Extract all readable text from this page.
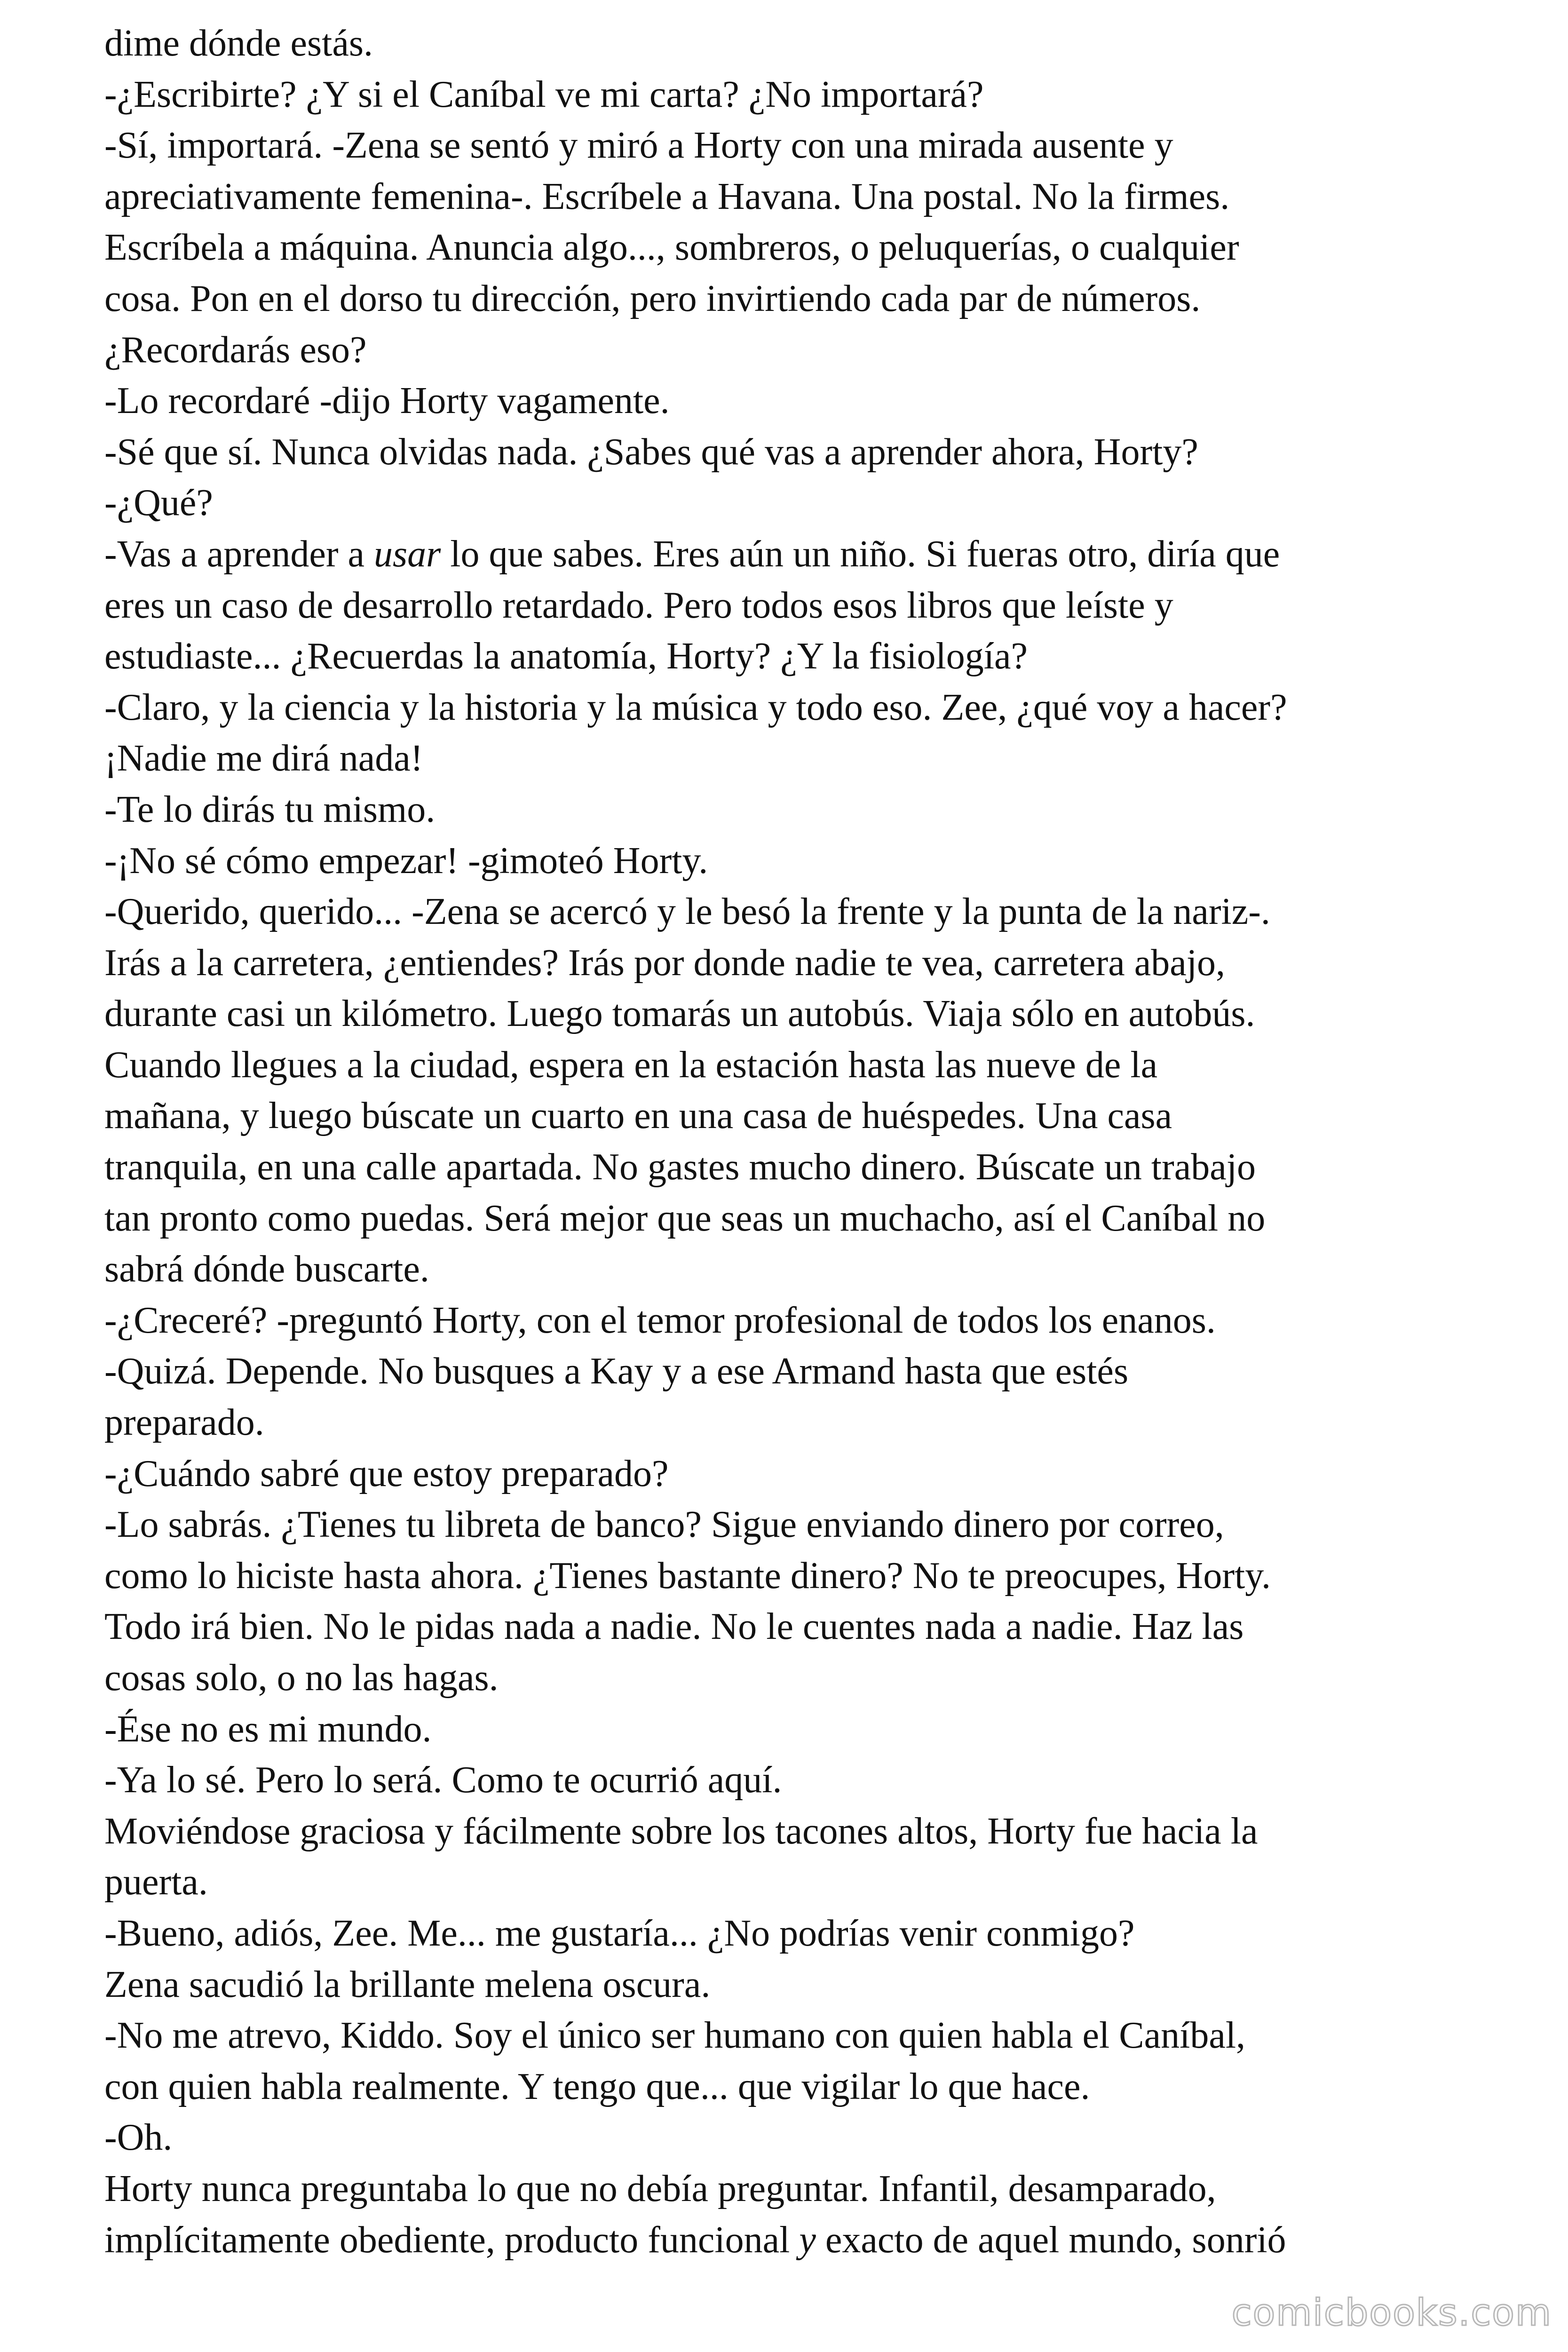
dime dónde estás.
-¿Escribirte? ¿Y si el Caníbal ve mi carta? ¿No importará?
-Sí, importará. -Zena se sentó y miró a Horty con una mirada ausente y
apreciativamente femenina-. Escríbele a Havana. Una postal. No la firmes.
Escríbela a máquina. Anuncia algo..., sombreros, o peluquerías, o cualquier
cosa. Pon en el dorso tu dirección, pero invirtiendo cada par de números.
¿Recordarás eso?
-Lo recordaré -dijo Horty vagamente.
-Sé que sí. Nunca olvidas nada. ¿Sabes qué vas a aprender ahora, Horty?
-¿Qué?
-Vas a aprender a usar lo que sabes. Eres aún un niño. Si fueras otro, diría que
eres un caso de desarrollo retardado. Pero todos esos libros que leíste y
estudiaste... ¿Recuerdas la anatomía, Horty? ¿Y la fisiología?
-Claro, y la ciencia y la historia y la música y todo eso. Zee, ¿qué voy a hacer?
¡Nadie me dirá nada!
-Te lo dirás tu mismo.
-¡No sé cómo empezar! -gimoteó Horty.
-Querido, querido... -Zena se acercó y le besó la frente y la punta de la nariz-.
Irás a la carretera, ¿entiendes? Irás por donde nadie te vea, carretera abajo,
durante casi un kilómetro. Luego tomarás un autobús. Viaja sólo en autobús.
Cuando llegues a la ciudad, espera en la estación hasta las nueve de la
mañana, y luego búscate un cuarto en una casa de huéspedes. Una casa
tranquila, en una calle apartada. No gastes mucho dinero. Búscate un trabajo
tan pronto como puedas. Será mejor que seas un muchacho, así el Caníbal no
sabrá dónde buscarte.
-¿Creceré? -preguntó Horty, con el temor profesional de todos los enanos.
-Quizá. Depende. No busques a Kay y a ese Armand hasta que estés
preparado.
-¿Cuándo sabré que estoy preparado?
-Lo sabrás. ¿Tienes tu libreta de banco? Sigue enviando dinero por correo,
como lo hiciste hasta ahora. ¿Tienes bastante dinero? No te preocupes, Horty.
Todo irá bien. No le pidas nada a nadie. No le cuentes nada a nadie. Haz las
cosas solo, o no las hagas.
-Ése no es mi mundo.
-Ya lo sé. Pero lo será. Como te ocurrió aquí.
Moviéndose graciosa y fácilmente sobre los tacones altos, Horty fue hacia la
puerta.
-Bueno, adiós, Zee. Me... me gustaría... ¿No podrías venir conmigo?
Zena sacudió la brillante melena oscura.
-No me atrevo, Kiddo. Soy el único ser humano con quien habla el Caníbal,
con quien habla realmente. Y tengo que... que vigilar lo que hace.
-Oh.
Horty nunca preguntaba lo que no debía preguntar. Infantil, desamparado,
implícitamente obediente, producto funcional y exacto de aquel mundo, sonrió
comicbooks.com
